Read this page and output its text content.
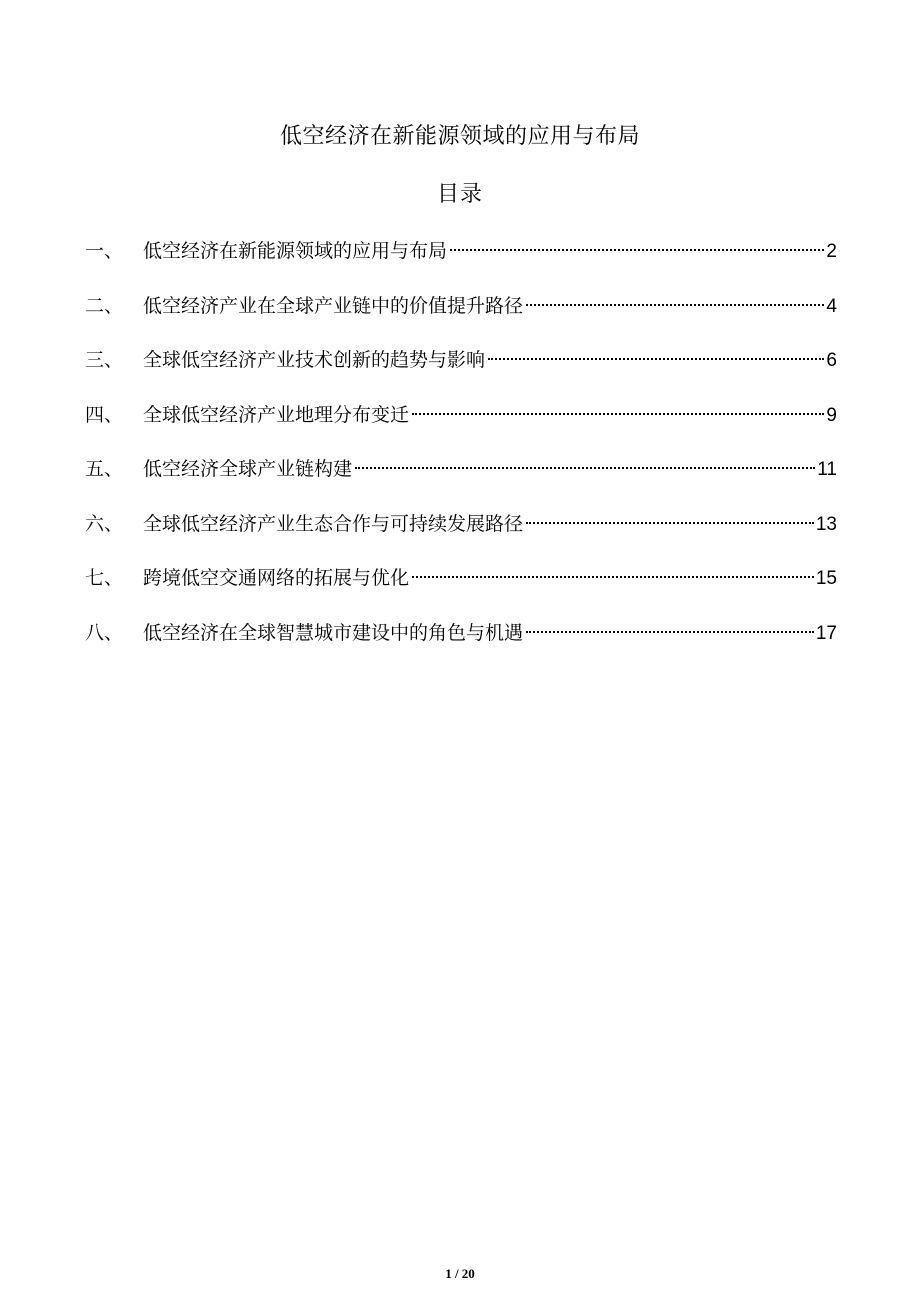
低空经济在新能源领域的应用与布局
目录
一、	低空经济在新能源领域的应用与布局	2
二、	低空经济产业在全球产业链中的价值提升路径	4
三、	全球低空经济产业技术创新的趋势与影响	6
四、	全球低空经济产业地理分布变迁	9
五、	低空经济全球产业链构建	11
六、	全球低空经济产业生态合作与可持续发展路径	13
七、	跨境低空交通网络的拓展与优化	15
八、	低空经济在全球智慧城市建设中的角色与机遇	17
1 / 20
